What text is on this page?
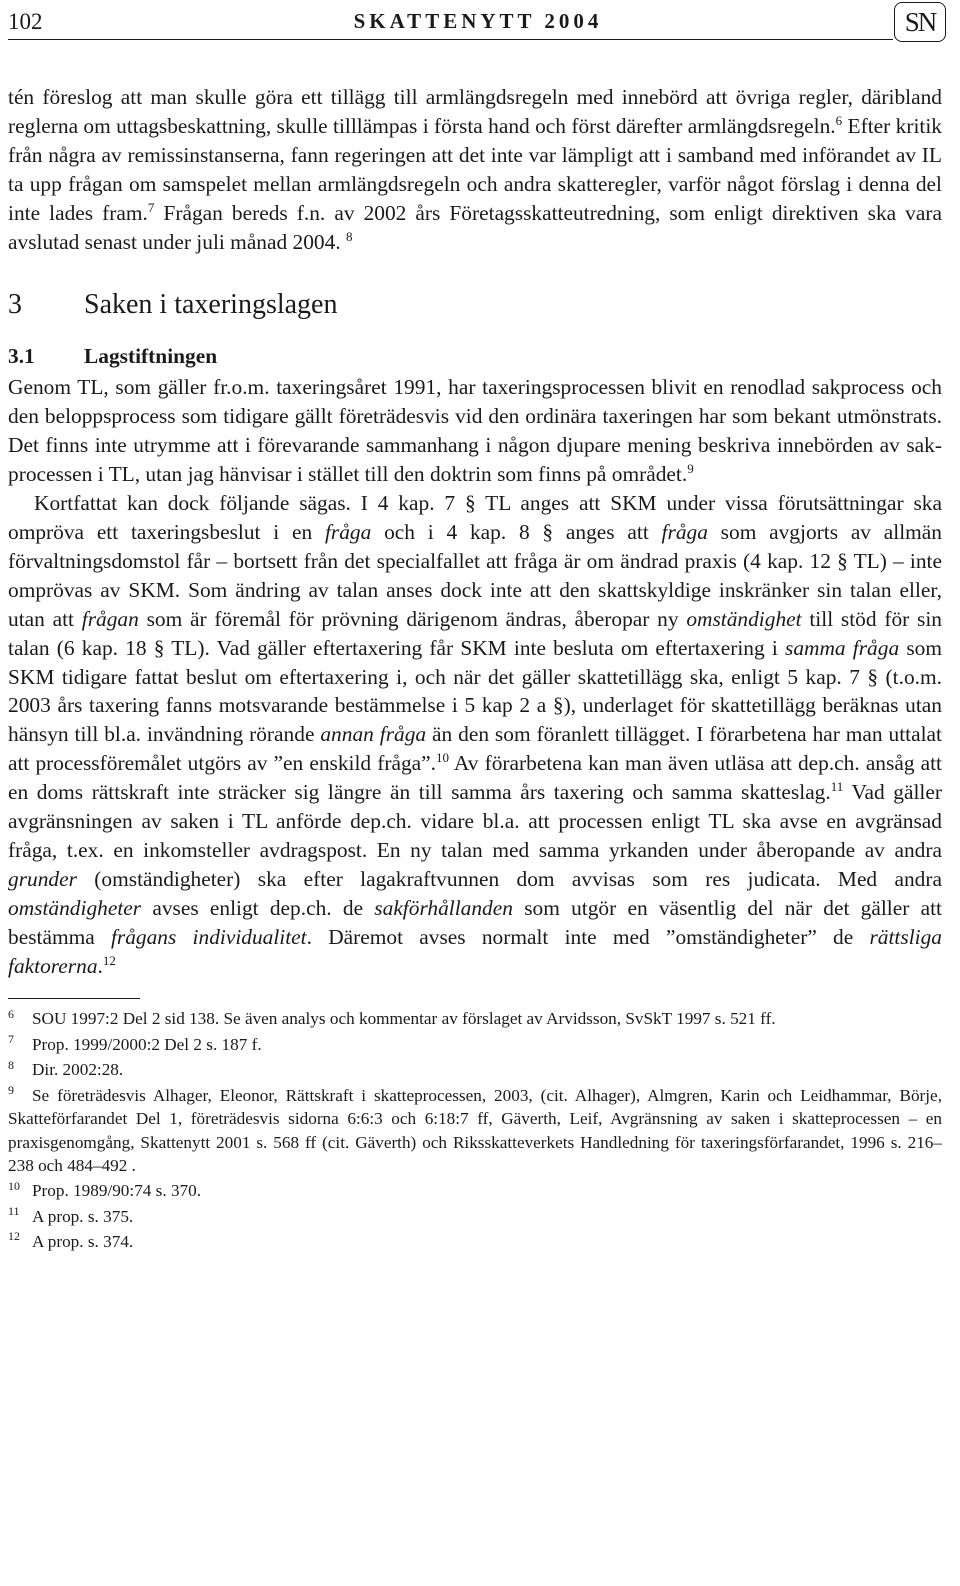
102	SKATTENYTT 2004	SN

tén föreslog att man skulle göra ett tillägg till armlängdsregeln med innebörd att övriga regler, däribland reglerna om uttagsbeskattning, skulle tilllämpas i första hand och först därefter armlängdsregeln.$^6$ Efter kritik från några av remissinstanserna, fann regeringen att det inte var lämpligt att i samband med införandet av IL ta upp frågan om samspelet mellan armlängdsregeln och andra skatteregler, varför något förslag i denna del inte lades fram.$^7$ Frågan bereds f.n. av 2002 års Företagsskatteutredning, som enligt direktiven ska vara avslutad senast under juli månad 2004. $^8$

3 Saken i taxeringslagen
3.1 Lagstiftningen

Genom TL, som gäller fr.o.m. taxeringsåret 1991, har taxeringsprocessen blivit en renodlad sakprocess och den beloppsprocess som tidigare gällt företrädesvis vid den ordinära taxeringen har som bekant utmönstrats. Det finns inte utrymme att i förevarande sammanhang i någon djupare mening beskriva innebörden av sakprocessen i TL, utan jag hänvisar i stället till den doktrin som finns på området.$^9$

Kortfattat kan dock följande sägas. I 4 kap. 7 § TL anges att SKM under vissa förutsättningar ska ompröva ett taxeringsbeslut i en fråga och i 4 kap. 8 § anges att fråga som avgjorts av allmän förvaltningsdomstol får – bortsett från det specialfallet att fråga är om ändrad praxis (4 kap. 12 § TL) – inte omprövas av SKM. Som ändring av talan anses dock inte att den skattskyldige inskränker sin talan eller, utan att frågan som är föremål för prövning därigenom ändras, åberopar ny omständighet till stöd för sin talan (6 kap. 18 § TL). Vad gäller eftertaxering får SKM inte besluta om eftertaxering i samma fråga som SKM tidigare fattat beslut om eftertaxering i, och när det gäller skattetillägg ska, enligt 5 kap. 7 § (t.o.m. 2003 års taxering fanns motsvarande bestämmelse i 5 kap 2 a §), underlaget för skattetillägg beräknas utan hänsyn till bl.a. invändning rörande annan fråga än den som föranlett tillägget. I förarbetena har man uttalat att processföremålet utgörs av ”en enskild fråga”.$^{10}$ Av förarbetena kan man även utläsa att dep.ch. ansåg att en doms rättskraft inte sträcker sig längre än till samma års taxering och samma skatteslag.$^{11}$ Vad gäller avgränsningen av saken i TL anförde dep.ch. vidare bl.a. att processen enligt TL ska avse en avgränsad fråga, t.ex. en inkomsteller avdragspost. En ny talan med samma yrkanden under åberopande av andra grunder (omständigheter) ska efter lagakraftvunnen dom avvisas som res judicata. Med andra omständigheter avses enligt dep.ch. de sakförhållanden som utgör en väsentlig del när det gäller att bestämma frågans individualitet. Däremot avses normalt inte med ”omständigheter” de rättsliga faktorerna.$^{12}$

6 SOU 1997:2 Del 2 sid 138. Se även analys och kommentar av förslaget av Arvidsson, SvSkT 1997 s. 521 ff.

7 Prop. 1999/2000:2 Del 2 s. 187 f.

8 Dir. 2002:28.

9 Se företrädesvis Alhager, Eleonor, Rättskraft i skatteprocessen, 2003, (cit. Alhager), Almgren, Karin och Leidhammar, Börje, Skatteförfarandet Del 1, företrädesvis sidorna 6:6:3 och 6:18:7 ff, Gäverth, Leif, Avgränsning av saken i skatteprocessen – en praxisgenomgång, Skattenytt 2001 s. 568 ff (cit. Gäverth) och Riksskatteverkets Handledning för taxeringsförfarandet, 1996 s. 216–238 och 484–492 .

10 Prop. 1989/90:74 s. 370.

11 A prop. s. 375.

12 A prop. s. 374.
